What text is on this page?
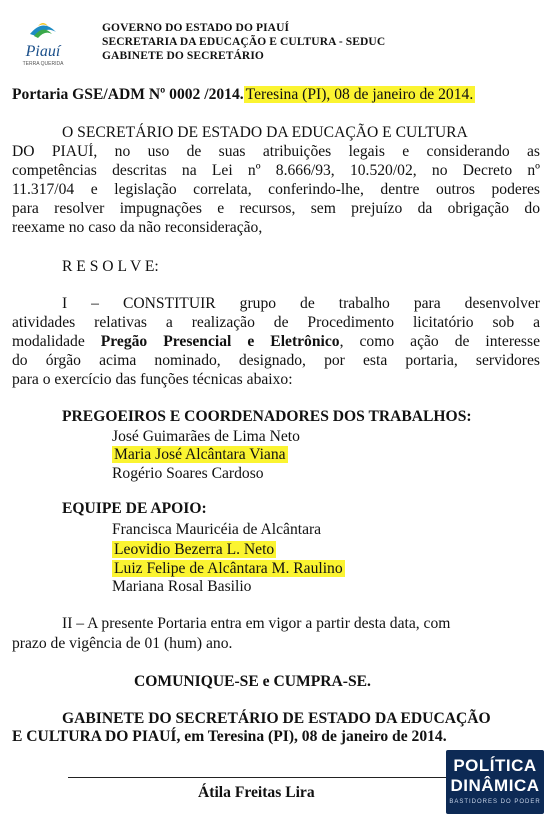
Piauí
TERRA QUERIDA
GOVERNO DO ESTADO DO PIAUÍ
SECRETARIA DA EDUCAÇÃO E CULTURA - SEDUC
GABINETE DO SECRETÁRIO
Portaria GSE/ADM Nº 0002 /2014. Teresina (PI), 08 de janeiro de 2014.
O SECRETÁRIO DE ESTADO DA EDUCAÇÃO E CULTURA
DO PIAUÍ, no uso de suas atribuições legais e considerando as
competências descritas na Lei nº 8.666/93, 10.520/02, no Decreto nº
11.317/04 e legislação correlata, conferindo-lhe, dentre outros poderes
para resolver impugnações e recursos, sem prejuízo da obrigação do
reexame no caso da não reconsideração,
R E S O L V E:
I – CONSTITUIR grupo de trabalho para desenvolver
atividades relativas a realização de Procedimento licitatório sob a
modalidade Pregão Presencial e Eletrônico, como ação de interesse
do órgão acima nominado, designado, por esta portaria, servidores
para o exercício das funções técnicas abaixo:
PREGOEIROS E COORDENADORES DOS TRABALHOS:
José Guimarães de Lima Neto
Maria José Alcântara Viana
Rogério Soares Cardoso
EQUIPE DE APOIO:
Francisca Mauricéia de Alcântara
Leovidio Bezerra L. Neto
Luiz Felipe de Alcântara M. Raulino
Mariana Rosal Basilio
II – A presente Portaria entra em vigor a partir desta data, com
prazo de vigência de 01 (hum) ano.
COMUNIQUE-SE e CUMPRA-SE.
GABINETE DO SECRETÁRIO DE ESTADO DA EDUCAÇÃO
E CULTURA DO PIAUÍ, em Teresina (PI), 08 de janeiro de 2014.
Átila Freitas Lira
POLÍTICA
DINÂMICA
BASTIDORES DO PODER
